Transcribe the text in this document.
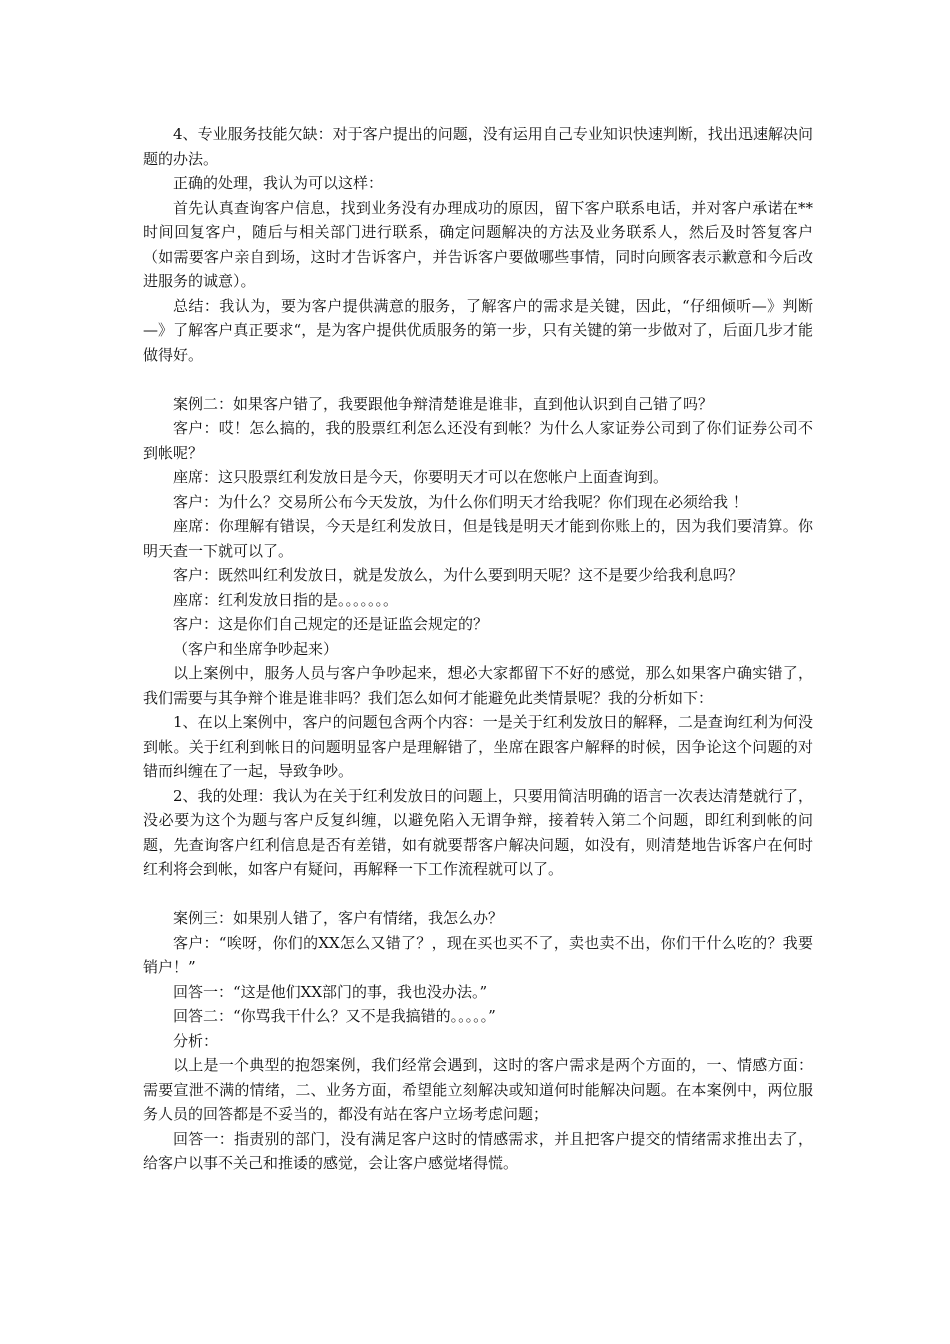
4、专业服务技能欠缺：对于客户提出的问题，没有运用自己专业知识快速判断，找出迅速解决问题的办法。

正确的处理，我认为可以这样：

首先认真查询客户信息，找到业务没有办理成功的原因，留下客户联系电话，并对客户承诺在**时间回复客户，随后与相关部门进行联系，确定问题解决的方法及业务联系人，然后及时答复客户（如需要客户亲自到场，这时才告诉客户，并告诉客户要做哪些事情，同时向顾客表示歉意和今后改进服务的诚意）。

总结：我认为，要为客户提供满意的服务，了解客户的需求是关键，因此，“仔细倾听—》判断—》了解客户真正要求“，是为客户提供优质服务的第一步，只有关键的第一步做对了，后面几步才能做得好。

案例二：如果客户错了，我要跟他争辩清楚谁是谁非，直到他认识到自己错了吗？

客户：哎！怎么搞的，我的股票红利怎么还没有到帐？为什么人家证券公司到了你们证券公司不到帐呢？

座席：这只股票红利发放日是今天，你要明天才可以在您帐户上面查询到。

客户：为什么？交易所公布今天发放，为什么你们明天才给我呢？你们现在必须给我 ！

座席：你理解有错误，今天是红利发放日，但是钱是明天才能到你账上的，因为我们要清算。你明天查一下就可以了。

客户：既然叫红利发放日，就是发放么，为什么要到明天呢？这不是要少给我利息吗？

座席：红利发放日指的是。。。。。。。

客户：这是你们自己规定的还是证监会规定的？

（客户和坐席争吵起来）

以上案例中，服务人员与客户争吵起来，想必大家都留下不好的感觉，那么如果客户确实错了，我们需要与其争辩个谁是谁非吗？我们怎么如何才能避免此类情景呢？我的分析如下：

1、在以上案例中，客户的问题包含两个内容：一是关于红利发放日的解释，二是查询红利为何没到帐。关于红利到帐日的问题明显客户是理解错了，坐席在跟客户解释的时候，因争论这个问题的对错而纠缠在了一起，导致争吵。

2、我的处理：我认为在关于红利发放日的问题上，只要用简洁明确的语言一次表达清楚就行了，没必要为这个为题与客户反复纠缠，以避免陷入无谓争辩，接着转入第二个问题，即红利到帐的问题，先查询客户红利信息是否有差错，如有就要帮客户解决问题，如没有，则清楚地告诉客户在何时红利将会到帐，如客户有疑问，再解释一下工作流程就可以了。

案例三：如果别人错了，客户有情绪，我怎么办？

客户：“唉呀，你们的XX怎么又错了？，现在买也买不了，卖也卖不出，你们干什么吃的？我要销户！”

回答一：“这是他们XX部门的事，我也没办法。”

回答二：“你骂我干什么？又不是我搞错的。。。。。”

分析：

以上是一个典型的抱怨案例，我们经常会遇到，这时的客户需求是两个方面的，一、情感方面：需要宣泄不满的情绪，二、业务方面，希望能立刻解决或知道何时能解决问题。在本案例中，两位服务人员的回答都是不妥当的，都没有站在客户立场考虑问题；

回答一：指责别的部门，没有满足客户这时的情感需求，并且把客户提交的情绪需求推出去了，给客户以事不关己和推诿的感觉，会让客户感觉堵得慌。
